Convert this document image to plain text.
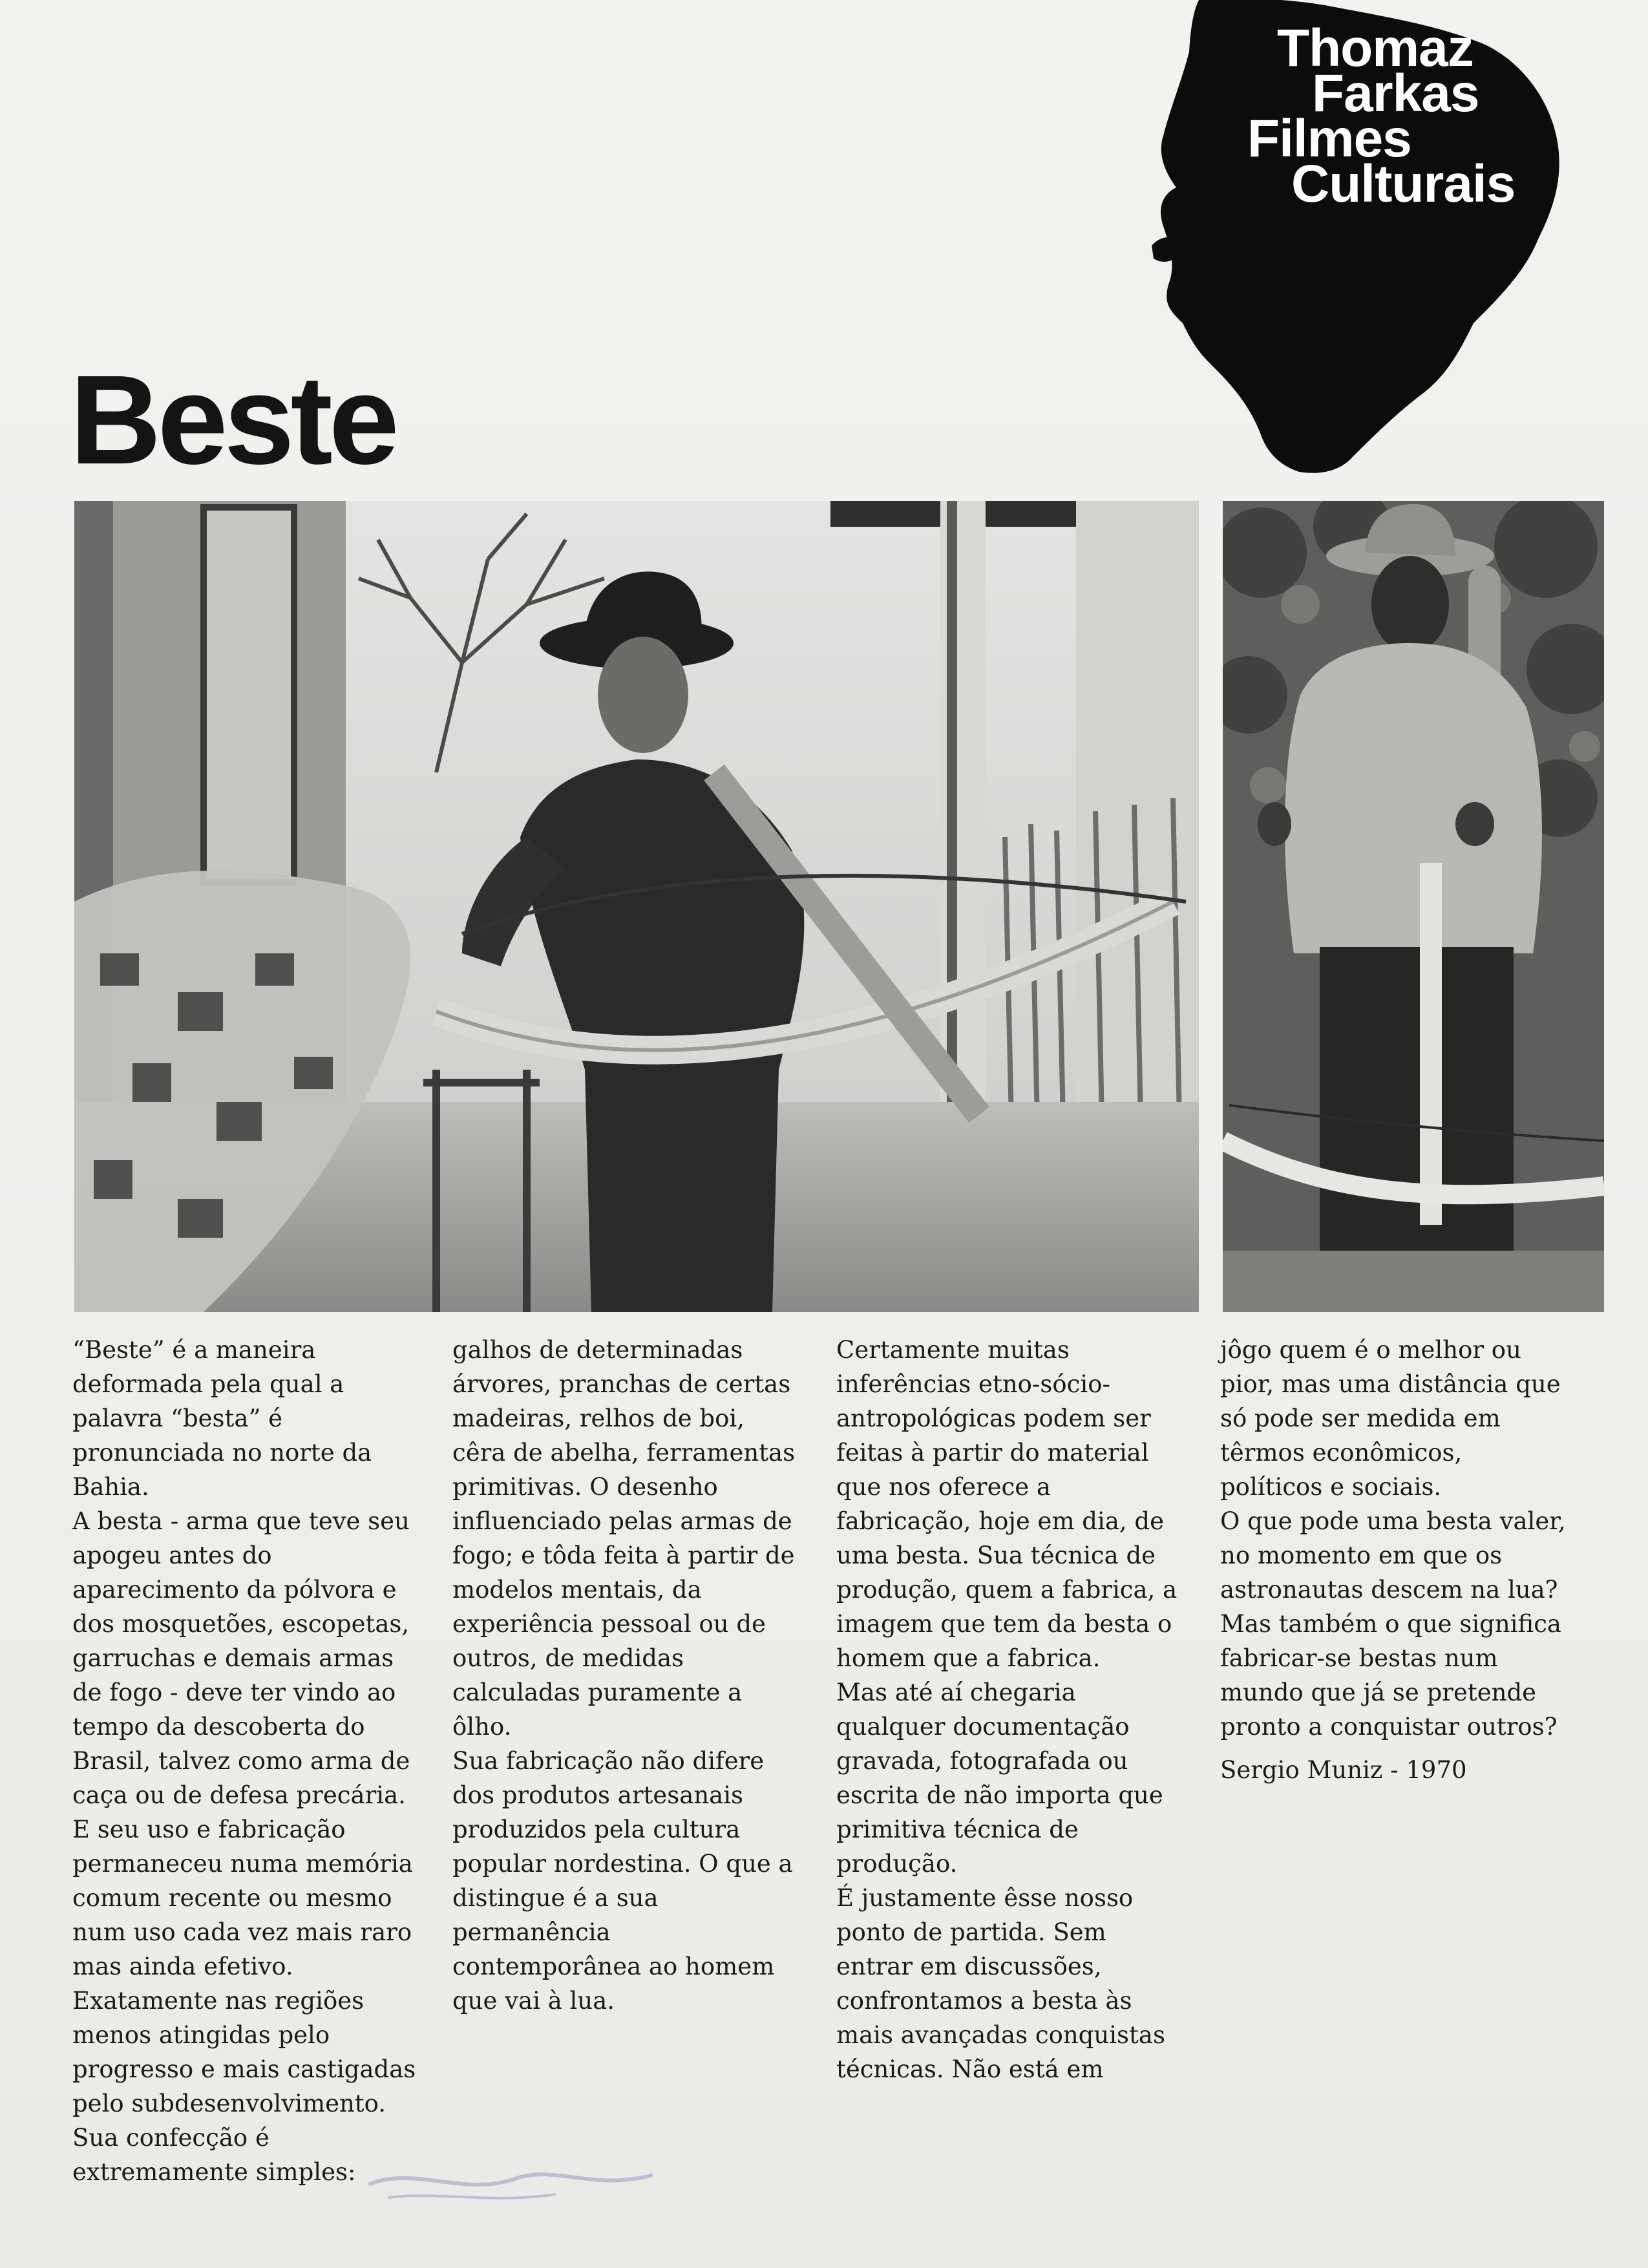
Thomaz
Farkas
Filmes
Culturais
Beste

“Beste” é a maneira deformada pela qual a palavra “besta” é pronunciada no norte da Bahia.

A besta - arma que teve seu apogeu antes do aparecimento da pólvora e dos mosquetões, escopetas, garruchas e demais armas de fogo - deve ter vindo ao tempo da descoberta do Brasil, talvez como arma de caça ou de defesa precária.

E seu uso e fabricação permaneceu numa memória comum recente ou mesmo num uso cada vez mais raro mas ainda efetivo. Exatamente nas regiões menos atingidas pelo progresso e mais castigadas pelo subdesenvolvimento.

Sua confecção é extremamente simples:

galhos de determinadas árvores, pranchas de certas madeiras, relhos de boi, cêra de abelha, ferramentas primitivas. O desenho influenciado pelas armas de fogo; e tôda feita à partir de modelos mentais, da experiência pessoal ou de outros, de medidas calculadas puramente a ôlho.

Sua fabricação não difere dos produtos artesanais produzidos pela cultura popular nordestina. O que a distingue é a sua permanência contemporânea ao homem que vai à lua.

Certamente muitas inferências etno-sócio-antropológicas podem ser feitas à partir do material que nos oferece a fabricação, hoje em dia, de uma besta. Sua técnica de produção, quem a fabrica, a imagem que tem da besta o homem que a fabrica.

Mas até aí chegaria qualquer documentação gravada, fotografada ou escrita de não importa que primitiva técnica de produção.

É justamente êsse nosso ponto de partida. Sem entrar em discussões, confrontamos a besta às mais avançadas conquistas técnicas. Não está em

jôgo quem é o melhor ou pior, mas uma distância que só pode ser medida em têrmos econômicos, políticos e sociais.

O que pode uma besta valer, no momento em que os astronautas descem na lua? Mas também o que significa fabricar-se bestas num mundo que já se pretende pronto a conquistar outros?

Sergio Muniz - 1970
